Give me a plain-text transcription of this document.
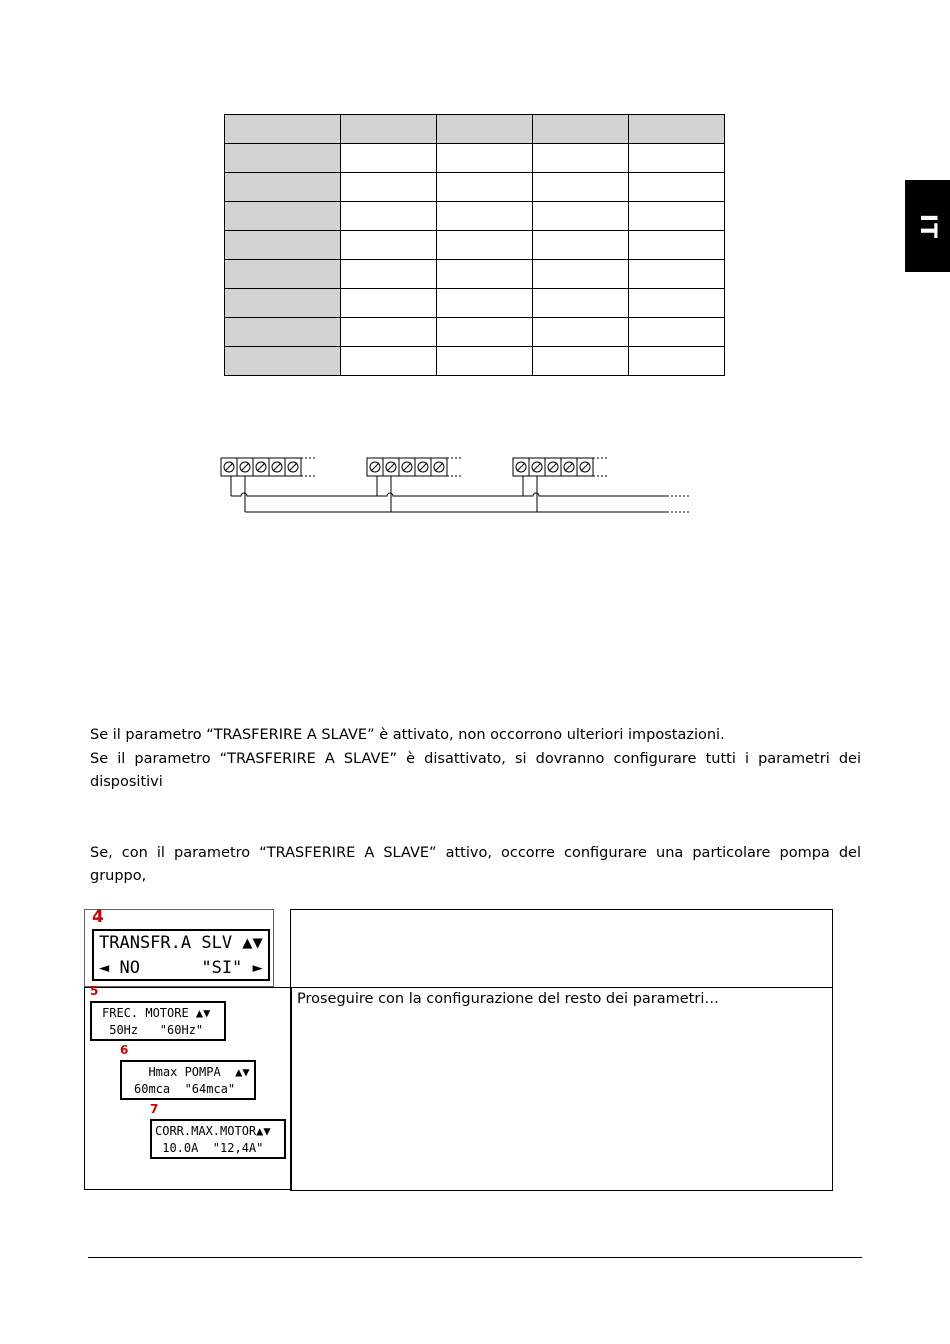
IT
Se il parametro “TRASFERIRE A SLAVE” è attivato, non occorrono ulteriori impostazioni.
Se il parametro “TRASFERIRE A SLAVE” è disattivato, si dovranno configurare tutti i parametri dei dispositivi
Se, con il parametro “TRASFERIRE A SLAVE” attivo, occorre configurare una particolare pompa del gruppo,
4
TRANSFR.A SLV ▲▼
◄ NO      "SI" ►
5
FREC. MOTORE ▲▼
50Hz   "60Hz"
6
Hmax POMPA  ▲▼
60mca  "64mca"
7
CORR.MAX.MOTOR▲▼
10.0A  "12,4A"
Proseguire con la configurazione del resto dei parametri…
